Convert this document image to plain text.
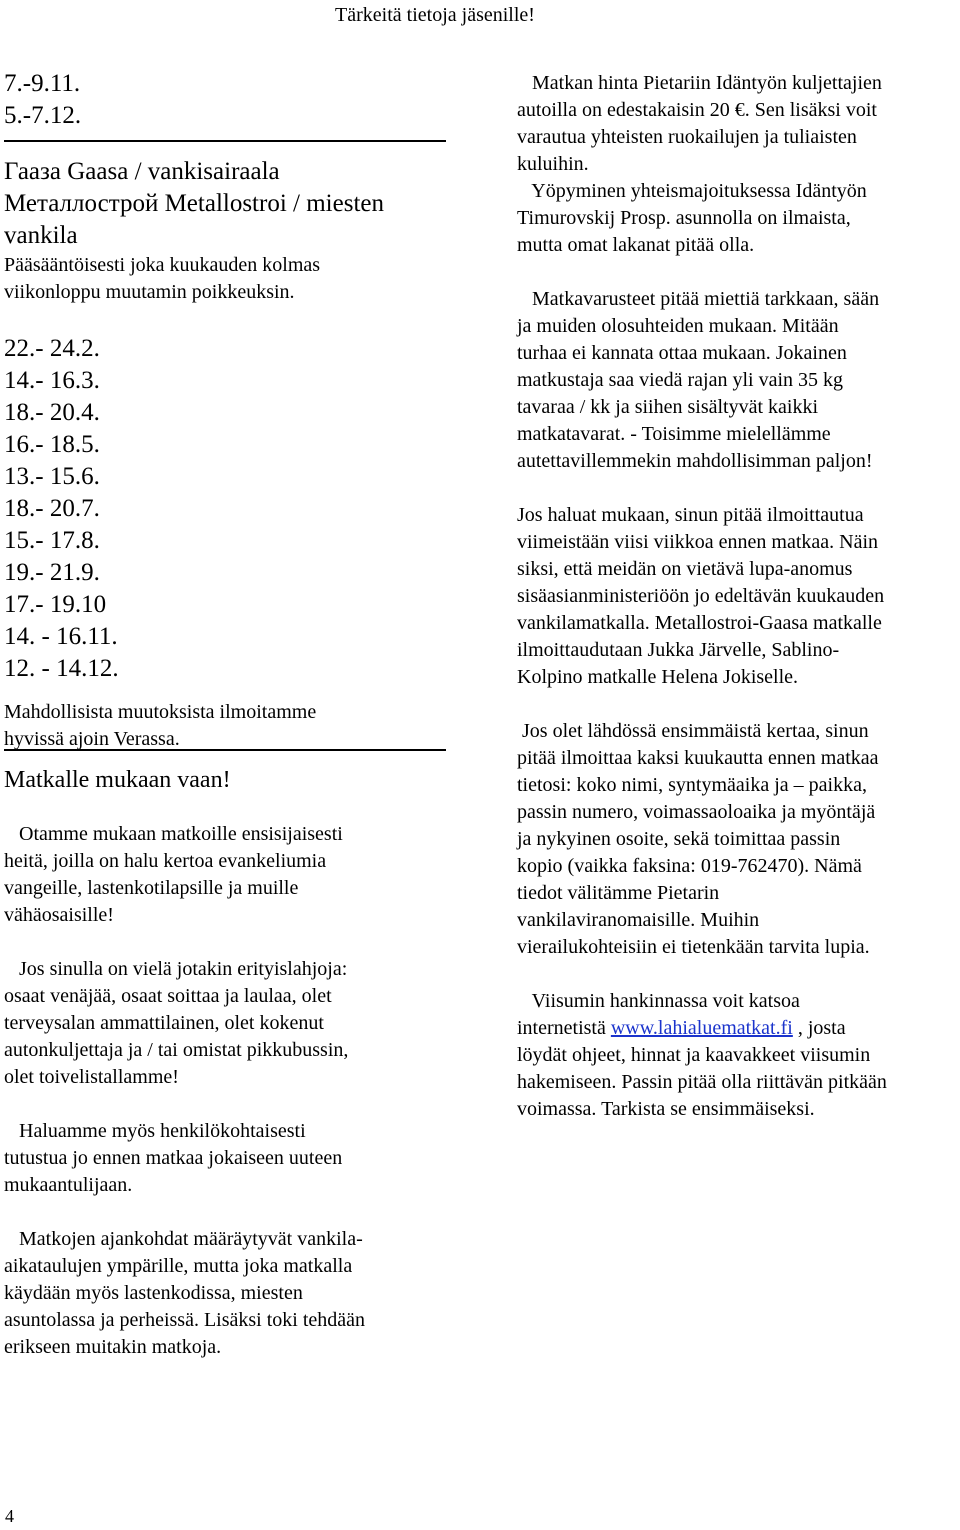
Tärkeitä tietoja jäsenille!
7.-9.11.
5.-7.12.
Гааза Gaasa / vankisairaala
Металлострой Metallostroi / miesten
vankila
Pääsääntöisesti joka kuukauden kolmas
viikonloppu muutamin poikkeuksin.
22.- 24.2.
14.- 16.3.
18.- 20.4.
16.- 18.5.
13.- 15.6.
18.- 20.7.
15.- 17.8.
19.- 21.9.
17.- 19.10
14. - 16.11.
12. - 14.12.
Mahdollisista muutoksista ilmoitamme
hyvissä ajoin Verassa.
Matkalle mukaan vaan!
Otamme mukaan matkoille ensisijaisesti
heitä, joilla on halu kertoa evankeliumia
vangeille, lastenkotilapsille ja muille
vähäosaisille!
Jos sinulla on vielä jotakin erityislahjoja:
osaat venäjää, osaat soittaa ja laulaa, olet
terveysalan ammattilainen, olet kokenut
autonkuljettaja ja / tai omistat pikkubussin,
olet toivelistallamme!
Haluamme myös henkilökohtaisesti
tutustua jo ennen matkaa jokaiseen uuteen
mukaantulijaan.
Matkojen ajankohdat määräytyvät vankila-
aikataulujen ympärille, mutta joka matkalla
käydään myös lastenkodissa, miesten
asuntolassa ja perheissä. Lisäksi toki tehdään
erikseen muitakin matkoja.
Matkan hinta Pietariin Idäntyön kuljettajien
autoilla on edestakaisin 20 €. Sen lisäksi voit
varautua yhteisten ruokailujen ja tuliaisten
kuluihin.
Yöpyminen yhteismajoituksessa Idäntyön
Timurovskij Prosp. asunnolla on ilmaista,
mutta omat lakanat pitää olla.
Matkavarusteet pitää miettiä tarkkaan, sään
ja muiden olosuhteiden mukaan. Mitään
turhaa ei kannata ottaa mukaan. Jokainen
matkustaja saa viedä rajan yli vain 35 kg
tavaraa / kk ja siihen sisältyvät kaikki
matkatavarat. - Toisimme mielellämme
autettavillemmekin mahdollisimman paljon!
Jos haluat mukaan, sinun pitää ilmoittautua
viimeistään viisi viikkoa ennen matkaa. Näin
siksi, että meidän on vietävä lupa-anomus
sisäasianministeriöön jo edeltävän kuukauden
vankilamatkalla. Metallostroi-Gaasa matkalle
ilmoittaudutaan Jukka Järvelle, Sablino-
Kolpino matkalle Helena Jokiselle.
Jos olet lähdössä ensimmäistä kertaa, sinun
pitää ilmoittaa kaksi kuukautta ennen matkaa
tietosi: koko nimi, syntymäaika ja – paikka,
passin numero, voimassaoloaika ja myöntäjä
ja nykyinen osoite, sekä toimittaa passin
kopio (vaikka faksina: 019-762470). Nämä
tiedot välitämme Pietarin
vankilaviranomaisille. Muihin
vierailukohteisiin ei tietenkään tarvita lupia.
Viisumin hankinnassa voit katsoa
internetistä www.lahialuematkat.fi , josta
löydät ohjeet, hinnat ja kaavakkeet viisumin
hakemiseen. Passin pitää olla riittävän pitkään
voimassa. Tarkista se ensimmäiseksi.
4
